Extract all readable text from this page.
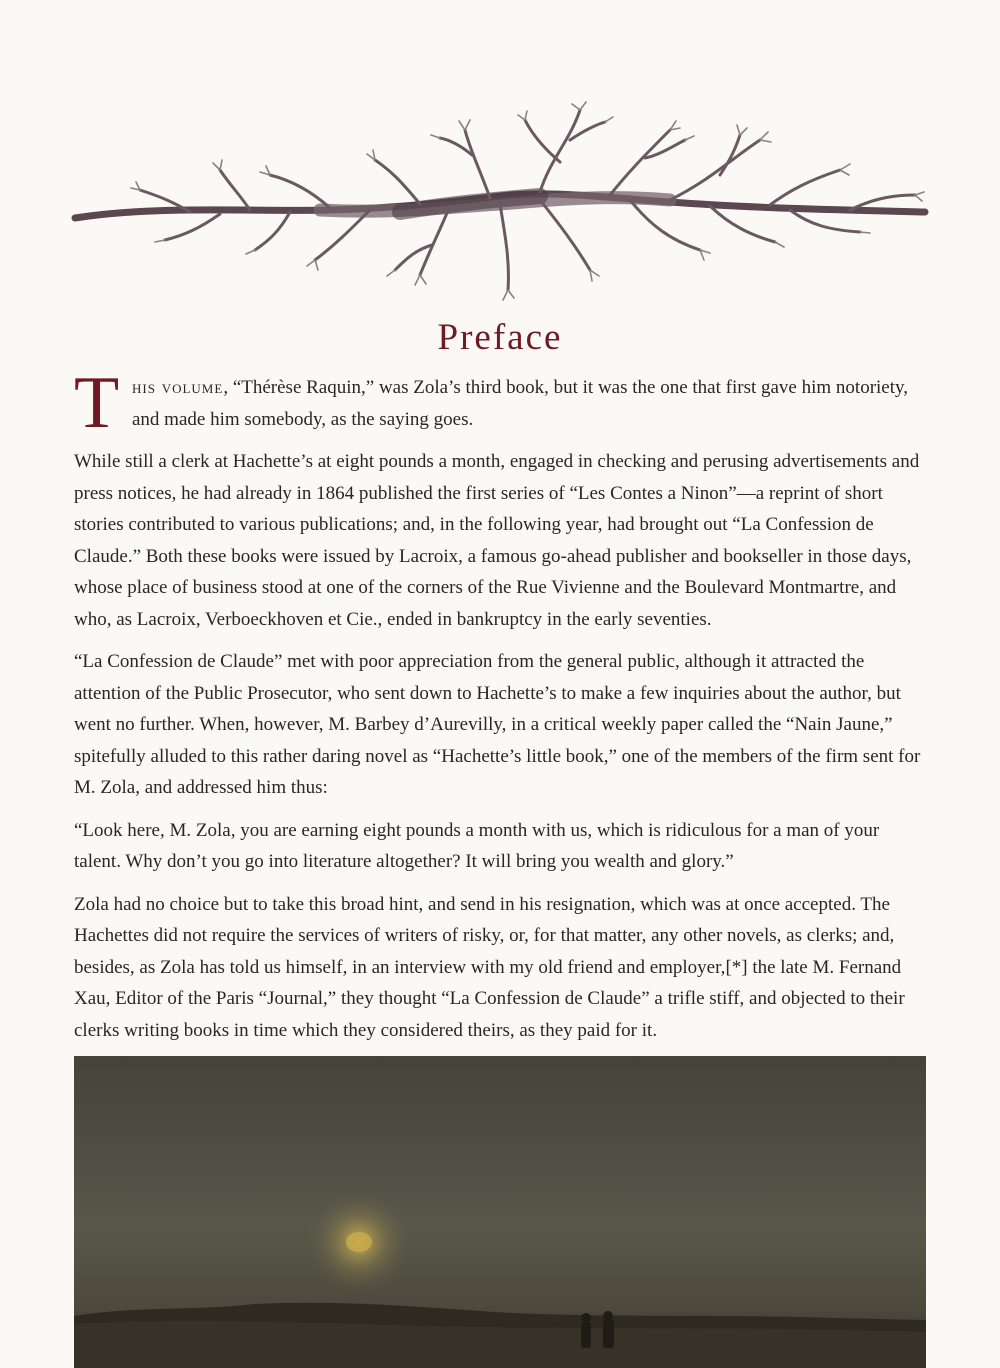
Preface

T his volume, “Thérèse Raquin,” was Zola’s third book, but it was the one that first gave him notoriety, and made him somebody, as the saying goes.

While still a clerk at Hachette’s at eight pounds a month, engaged in checking and perusing advertisements and press notices, he had already in 1864 published the first series of “Les Contes a Ninon”—a reprint of short stories contributed to various publications; and, in the following year, had brought out “La Confession de Claude.” Both these books were issued by Lacroix, a famous go-ahead publisher and bookseller in those days, whose place of business stood at one of the corners of the Rue Vivienne and the Boulevard Montmartre, and who, as Lacroix, Verboeckhoven et Cie., ended in bankruptcy in the early seventies.

“La Confession de Claude” met with poor appreciation from the general public, although it attracted the attention of the Public Prosecutor, who sent down to Hachette’s to make a few inquiries about the author, but went no further. When, however, M. Barbey d’Aurevilly, in a critical weekly paper called the “Nain Jaune,” spitefully alluded to this rather daring novel as “Hachette’s little book,” one of the members of the firm sent for M. Zola, and addressed him thus:

“Look here, M. Zola, you are earning eight pounds a month with us, which is ridiculous for a man of your talent. Why don’t you go into literature altogether? It will bring you wealth and glory.”

Zola had no choice but to take this broad hint, and send in his resignation, which was at once accepted. The Hachettes did not require the services of writers of risky, or, for that matter, any other novels, as clerks; and, besides, as Zola has told us himself, in an interview with my old friend and employer,[*] the late M. Fernand Xau, Editor of the Paris “Journal,” they thought “La Confession de Claude” a trifle stiff, and objected to their clerks writing books in time which they considered theirs, as they paid for it.
